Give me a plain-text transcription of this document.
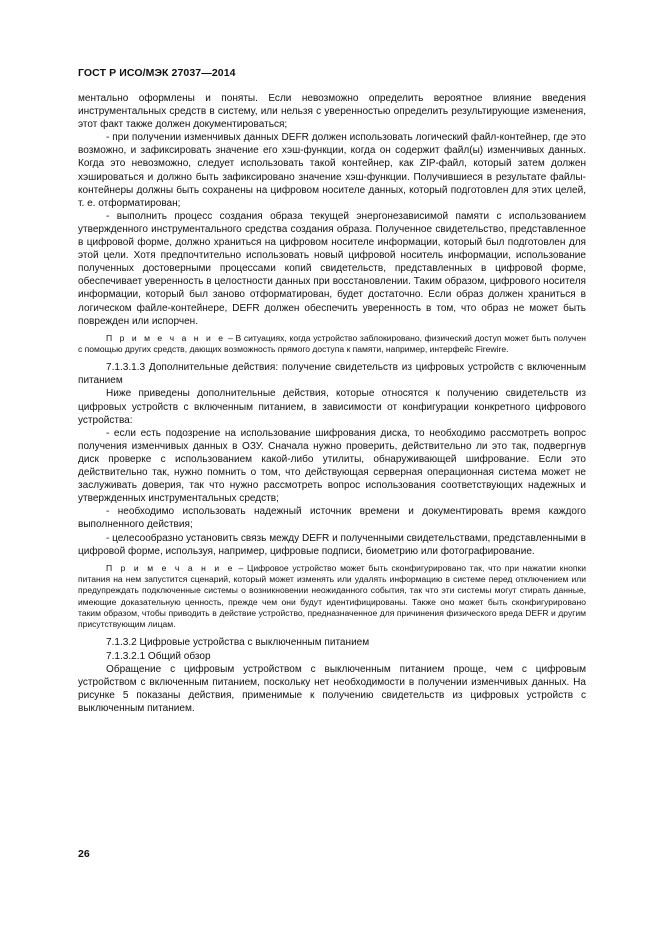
ГОСТ Р ИСО/МЭК 27037—2014

ментально оформлены и поняты. Если невозможно определить вероятное влияние введения инструментальных средств в систему, или нельзя с уверенностью определить результирующие изменения, этот факт также должен документироваться;

- при получении изменчивых данных DEFR должен использовать логический файл-контейнер, где это возможно, и зафиксировать значение его хэш-функции, когда он содержит файл(ы) изменчивых данных. Когда это невозможно, следует использовать такой контейнер, как ZIP-файл, который затем должен хэшироваться и должно быть зафиксировано значение хэш-функции. Получившиеся в результате файлы-контейнеры должны быть сохранены на цифровом носителе данных, который подготовлен для этих целей, т. е. отформатирован;

- выполнить процесс создания образа текущей энергонезависимой памяти с использованием утвержденного инструментального средства создания образа. Полученное свидетельство, представленное в цифровой форме, должно храниться на цифровом носителе информации, который был подготовлен для этой цели. Хотя предпочтительно использовать новый цифровой носитель информации, использование полученных достоверными процессами копий свидетельств, представленных в цифровой форме, обеспечивает уверенность в целостности данных при восстановлении. Таким образом, цифрового носителя информации, который был заново отформатирован, будет достаточно. Если образ должен храниться в логическом файле-контейнере, DEFR должен обеспечить уверенность в том, что образ не может быть поврежден или испорчен.

П р и м е ч а н и е – В ситуациях, когда устройство заблокировано, физический доступ может быть получен с помощью других средств, дающих возможность прямого доступа к памяти, например, интерфейс Firewire.

7.1.3.1.3 Дополнительные действия: получение свидетельств из цифровых устройств с включенным питанием

Ниже приведены дополнительные действия, которые относятся к получению свидетельств из цифровых устройств с включенным питанием, в зависимости от конфигурации конкретного цифрового устройства:

- если есть подозрение на использование шифрования диска, то необходимо рассмотреть вопрос получения изменчивых данных в ОЗУ. Сначала нужно проверить, действительно ли это так, подвергнув диск проверке с использованием какой-либо утилиты, обнаруживающей шифрование. Если это действительно так, нужно помнить о том, что действующая серверная операционная система может не заслуживать доверия, так что нужно рассмотреть вопрос использования соответствующих надежных и утвержденных инструментальных средств;

- необходимо использовать надежный источник времени и документировать время каждого выполненного действия;

- целесообразно установить связь между DEFR и полученными свидетельствами, представленными в цифровой форме, используя, например, цифровые подписи, биометрию или фотографирование.

П р и м е ч а н и е – Цифровое устройство может быть сконфигурировано так, что при нажатии кнопки питания на нем запустится сценарий, который может изменять или удалять информацию в системе перед отключением или предупреждать подключенные системы о возникновении неожиданного события, так что эти системы могут стирать данные, имеющие доказательную ценность, прежде чем они будут идентифицированы. Также оно может быть сконфигурировано таким образом, чтобы приводить в действие устройство, предназначенное для причинения физического вреда DEFR и другим присутствующим лицам.

7.1.3.2 Цифровые устройства с выключенным питанием

7.1.3.2.1 Общий обзор

Обращение с цифровым устройством с выключенным питанием проще, чем с цифровым устройством с включенным питанием, поскольку нет необходимости в получении изменчивых данных. На рисунке 5 показаны действия, применимые к получению свидетельств из цифровых устройств с выключенным питанием.

26
